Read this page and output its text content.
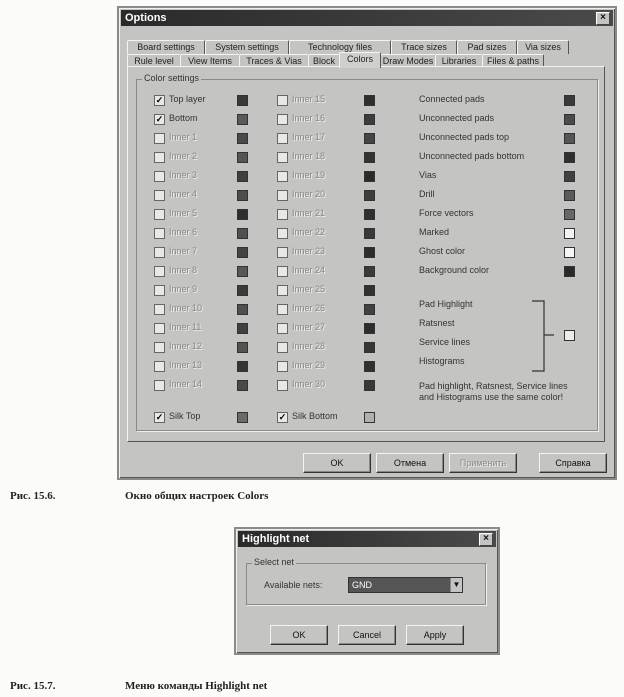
Options	×
Board settings	System settings	Technology files	Trace sizes	Pad sizes	Via sizes
Rule level	View Items	Traces & Vias	Block	Colors	Draw Modes Libraries	Files & paths
Color settings
✓ Top layer
✓ Bottom
Inner 1
Inner 2
Inner 3
Inner 4
Inner 5
Inner 6
Inner 7
Inner 8
Inner 9
Inner 10
Inner 11
Inner 12
Inner 13
Inner 14
Inner 15
Inner 16
Inner 17
Inner 18
Inner 19
Inner 20
Inner 21
Inner 22
Inner 23
Inner 24
Inner 25
Inner 26
Inner 27
Inner 28
Inner 29
Inner 30
Connected pads
Unconnected pads
Unconnected pads top
Unconnected pads bottom
Vias
Drill
Force vectors
Marked
Ghost color
Background color
✓ Silk Top	✓ Silk Bottom
Pad Highlight
Ratsnest
Service lines
Histograms
Pad highlight, Ratsnest, Service lines and Histograms use the same color!
OK	Отмена	Применить	Справка
Рис. 15.6.	Окно общих настроек Colors
Highlight net	×
Select net
Available nets:	GND	▼
OK	Cancel	Apply
Рис. 15.7.	Меню команды Highlight net
